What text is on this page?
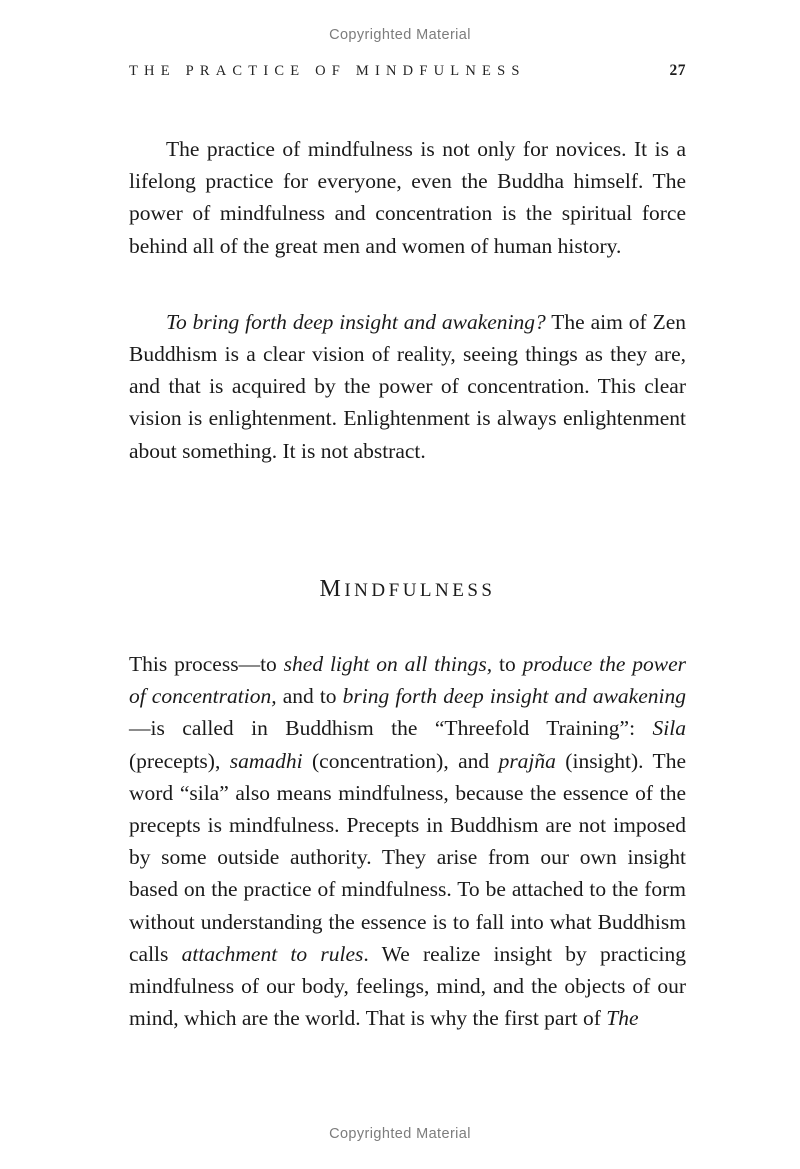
Copyrighted Material
THE PRACTICE OF MINDFULNESS	27

The practice of mindfulness is not only for novices. It is a lifelong practice for everyone, even the Buddha himself. The power of mindfulness and concentration is the spiritual force behind all of the great men and women of human history.

To bring forth deep insight and awakening? The aim of Zen Buddhism is a clear vision of reality, seeing things as they are, and that is acquired by the power of concentration. This clear vision is enlightenment. Enlightenment is always enlightenment about something. It is not abstract.

MINDFULNESS

This process—to shed light on all things, to produce the power of concentration, and to bring forth deep insight and awakening—is called in Buddhism the “Threefold Training”: Sila (precepts), samadhi (concentration), and prajña (insight). The word “sila” also means mindfulness, because the essence of the precepts is mindfulness. Precepts in Buddhism are not imposed by some outside authority. They arise from our own insight based on the practice of mindfulness. To be attached to the form without understanding the essence is to fall into what Buddhism calls attachment to rules. We realize insight by practicing mindfulness of our body, feelings, mind, and the objects of our mind, which are the world. That is why the first part of The

Copyrighted Material
